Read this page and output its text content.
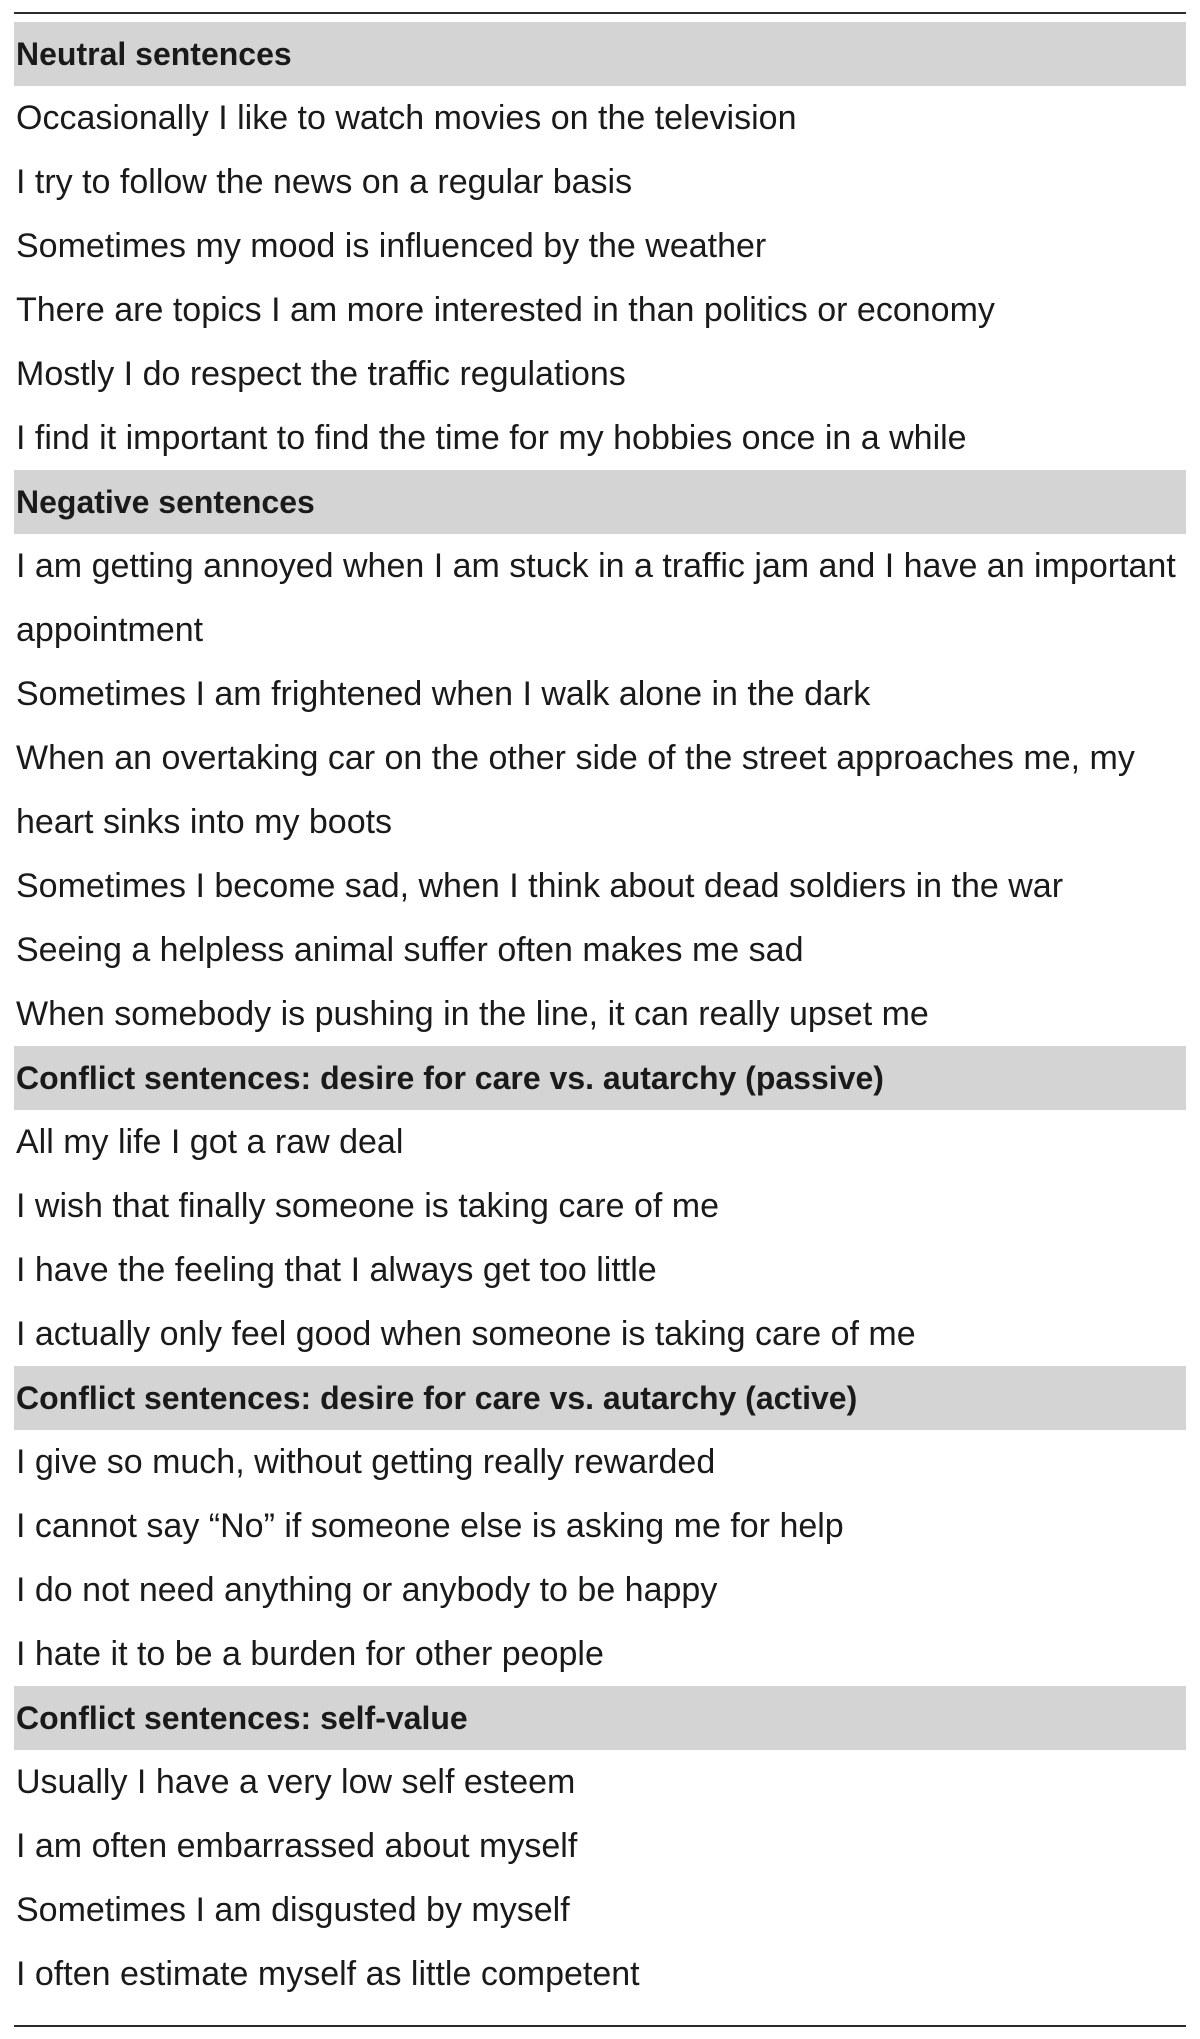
Neutral sentences
Occasionally I like to watch movies on the television
I try to follow the news on a regular basis
Sometimes my mood is influenced by the weather
There are topics I am more interested in than politics or economy
Mostly I do respect the traffic regulations
I find it important to find the time for my hobbies once in a while
Negative sentences
I am getting annoyed when I am stuck in a traffic jam and I have an important appointment
Sometimes I am frightened when I walk alone in the dark
When an overtaking car on the other side of the street approaches me, my heart sinks into my boots
Sometimes I become sad, when I think about dead soldiers in the war
Seeing a helpless animal suffer often makes me sad
When somebody is pushing in the line, it can really upset me
Conflict sentences: desire for care vs. autarchy (passive)
All my life I got a raw deal
I wish that finally someone is taking care of me
I have the feeling that I always get too little
I actually only feel good when someone is taking care of me
Conflict sentences: desire for care vs. autarchy (active)
I give so much, without getting really rewarded
I cannot say “No” if someone else is asking me for help
I do not need anything or anybody to be happy
I hate it to be a burden for other people
Conflict sentences: self-value
Usually I have a very low self esteem
I am often embarrassed about myself
Sometimes I am disgusted by myself
I often estimate myself as little competent
